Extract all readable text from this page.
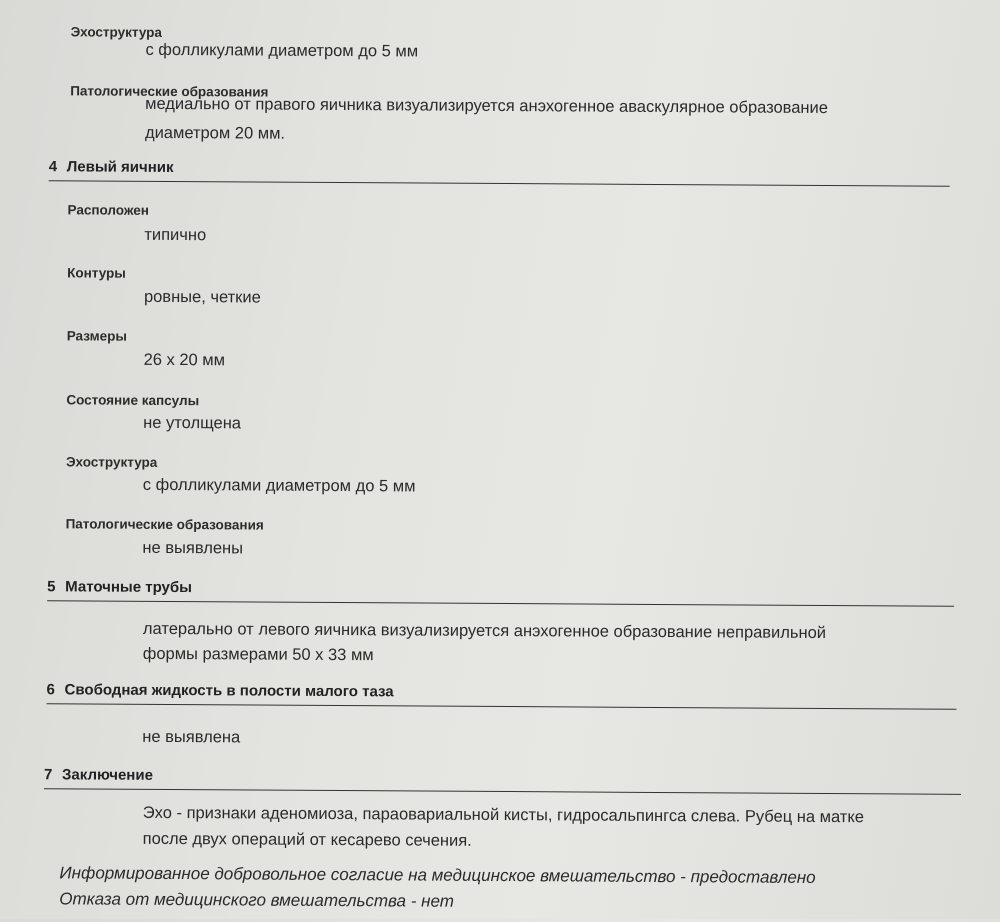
Эхоструктура
с фолликулами диаметром до 5 мм
Патологические образования
медиально от правого яичника визуализируется анэхогенное аваскулярное образование
диаметром 20 мм.
4 Левый яичник
Расположен
типично
Контуры
ровные, четкие
Размеры
26 х 20 мм
Состояние капсулы
не утолщена
Эхоструктура
с фолликулами диаметром до 5 мм
Патологические образования
не выявлены
5 Маточные трубы
латерально от левого яичника визуализируется анэхогенное образование неправильной
формы размерами 50 х 33 мм
6 Свободная жидкость в полости малого таза
не выявлена
7 Заключение
Эхо - признаки аденомиоза, параовариальной кисты, гидросальпингса слева. Рубец на матке
после двух операций от кесарево сечения.
Информированное добровольное согласие на медицинское вмешательство - предоставлено
Отказа от медицинского вмешательства - нет
